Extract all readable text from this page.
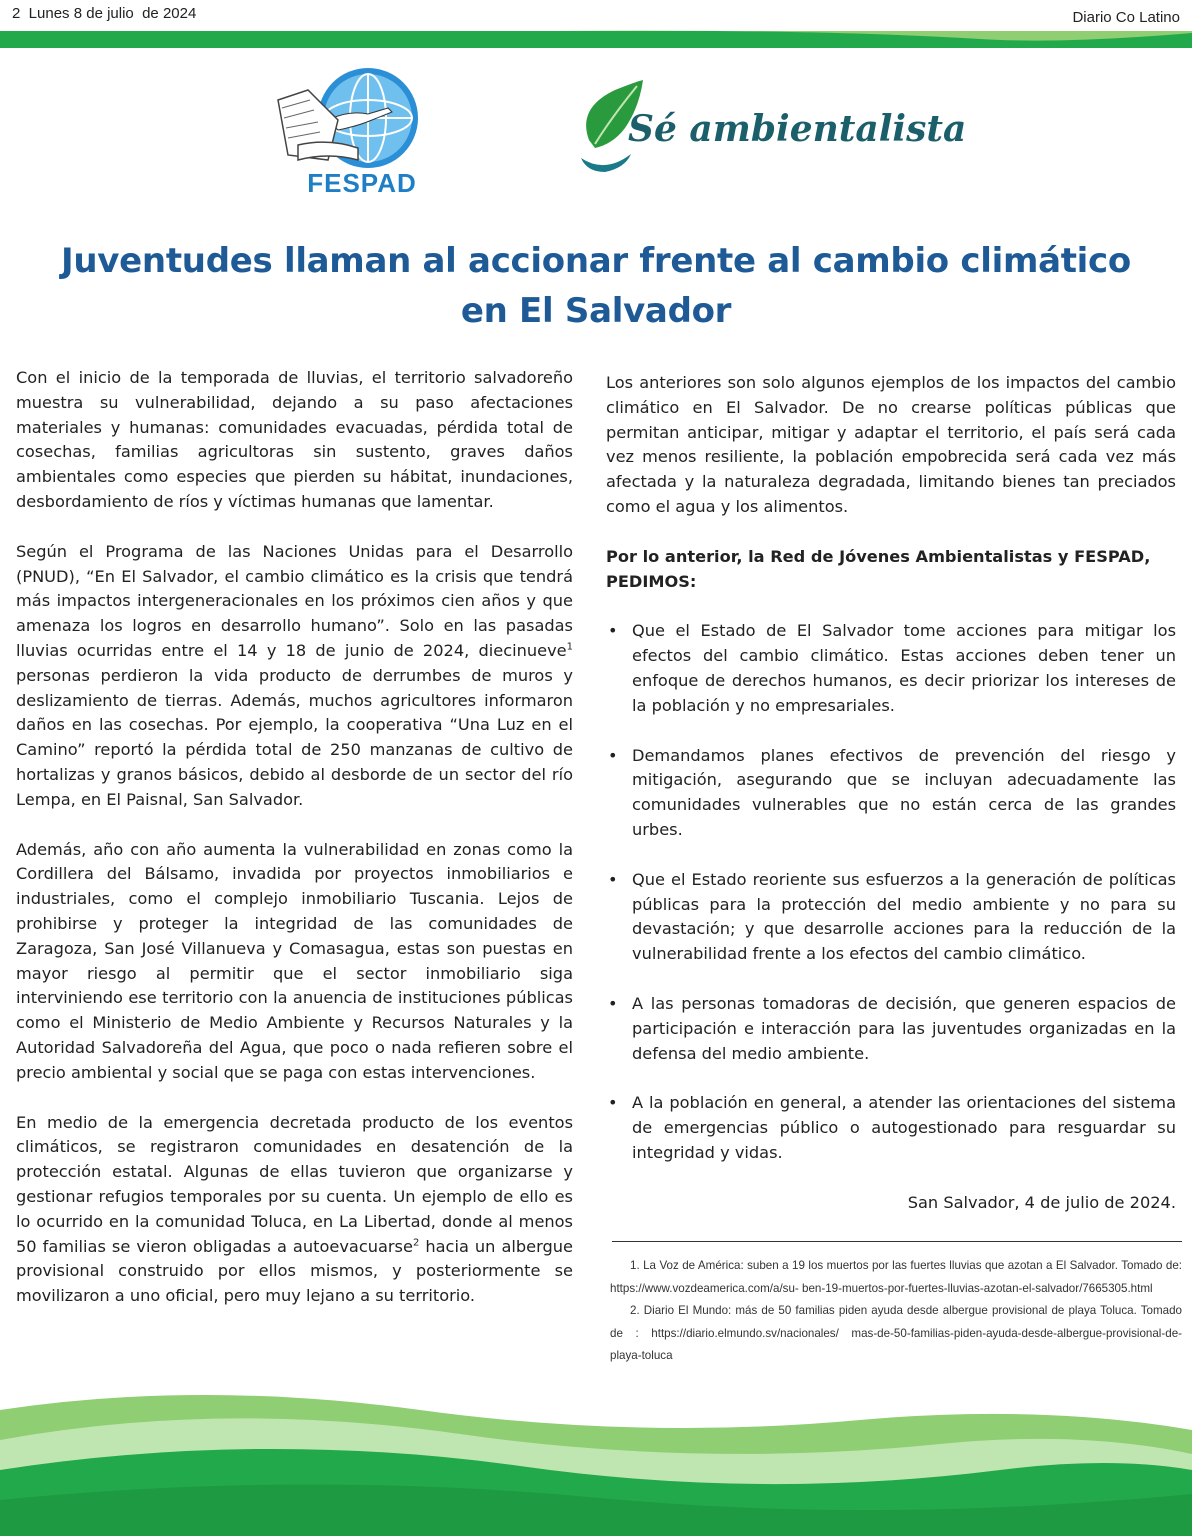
2  Lunes 8 de julio  de 2024	Diario Co Latino
FESPAD
Sé ambientalista
Juventudes llaman al accionar frente al cambio climático
en El Salvador

Con el inicio de la temporada de lluvias, el territorio salvadoreño muestra su vulnerabilidad, dejando a su paso afectaciones materiales y humanas: comunidades evacuadas, pérdida total de cosechas, familias agricultoras sin sustento, graves daños ambientales como especies que pierden su hábitat, inundaciones, desbordamiento de ríos y víctimas humanas que lamentar.

Según el Programa de las Naciones Unidas para el Desarrollo (PNUD), “En El Salvador, el cambio climático es la crisis que tendrá más impactos intergeneracionales en los próximos cien años y que amenaza los logros en desarrollo humano”. Solo en las pasadas lluvias ocurridas entre el 14 y 18 de junio de 2024, diecinueve$^1$ personas perdieron la vida producto de derrumbes de muros y deslizamiento de tierras. Además, muchos agricultores informaron daños en las cosechas. Por ejemplo, la cooperativa “Una Luz en el Camino” reportó la pérdida total de 250 manzanas de cultivo de hortalizas y granos básicos, debido al desborde de un sector del río Lempa, en El Paisnal, San Salvador.

Además, año con año aumenta la vulnerabilidad en zonas como la Cordillera del Bálsamo, invadida por proyectos inmobiliarios e industriales, como el complejo inmobiliario Tuscania. Lejos de prohibirse y proteger la integridad de las comunidades de Zaragoza, San José Villanueva y Comasagua, estas son puestas en mayor riesgo al permitir que el sector inmobiliario siga interviniendo ese territorio con la anuencia de instituciones públicas como el Ministerio de Medio Ambiente y Recursos Naturales y la Autoridad Salvadoreña del Agua, que poco o nada refieren sobre el precio ambiental y social que se paga con estas intervenciones.

En medio de la emergencia decretada producto de los eventos climáticos, se registraron comunidades en desatención de la protección estatal. Algunas de ellas tuvieron que organizarse y gestionar refugios temporales por su cuenta. Un ejemplo de ello es lo ocurrido en la comunidad Toluca, en La Libertad, donde al menos 50 familias se vieron obligadas a autoevacuarse$^2$ hacia un albergue provisional construido por ellos mismos, y posteriormente se movilizaron a uno oficial, pero muy lejano a su territorio.

Los anteriores son solo algunos ejemplos de los impactos del cambio climático en El Salvador. De no crearse políticas públicas que permitan anticipar, mitigar y adaptar el territorio, el país será cada vez menos resiliente, la población empobrecida será cada vez más afectada y la naturaleza degradada, limitando bienes tan preciados como el agua y los alimentos.

Por lo anterior, la Red de Jóvenes Ambientalistas y FESPAD, PEDIMOS:

• Que el Estado de El Salvador tome acciones para mitigar los efectos del cambio climático. Estas acciones deben tener un enfoque de derechos humanos, es decir priorizar los intereses de la población y no empresariales.
• Demandamos planes efectivos de prevención del riesgo y mitigación, asegurando que se incluyan adecuadamente las comunidades vulnerables que no están cerca de las grandes urbes.
• Que el Estado reoriente sus esfuerzos a la generación de políticas públicas para la protección del medio ambiente y no para su devastación; y que desarrolle acciones para la reducción de la vulnerabilidad frente a los efectos del cambio climático.
• A las personas tomadoras de decisión, que generen espacios de participación e interacción para las juventudes organizadas en la defensa del medio ambiente.
• A la población en general, a atender las orientaciones del sistema de emergencias público o autogestionado para resguardar su integridad y vidas.

San Salvador, 4 de julio de 2024.

1. La Voz de América: suben a 19 los muertos por las fuertes lluvias que azotan a El Salvador. Tomado de: https://www.vozdeamerica.com/a/su- ben-19-muertos-por-fuertes-lluvias-azotan-el-salvador/7665305.html

2. Diario El Mundo: más de 50 familias piden ayuda desde albergue provisional de playa Toluca. Tomado de : https://diario.elmundo.sv/nacionales/ mas-de-50-familias-piden-ayuda-desde-albergue-provisional-de-playa-toluca
